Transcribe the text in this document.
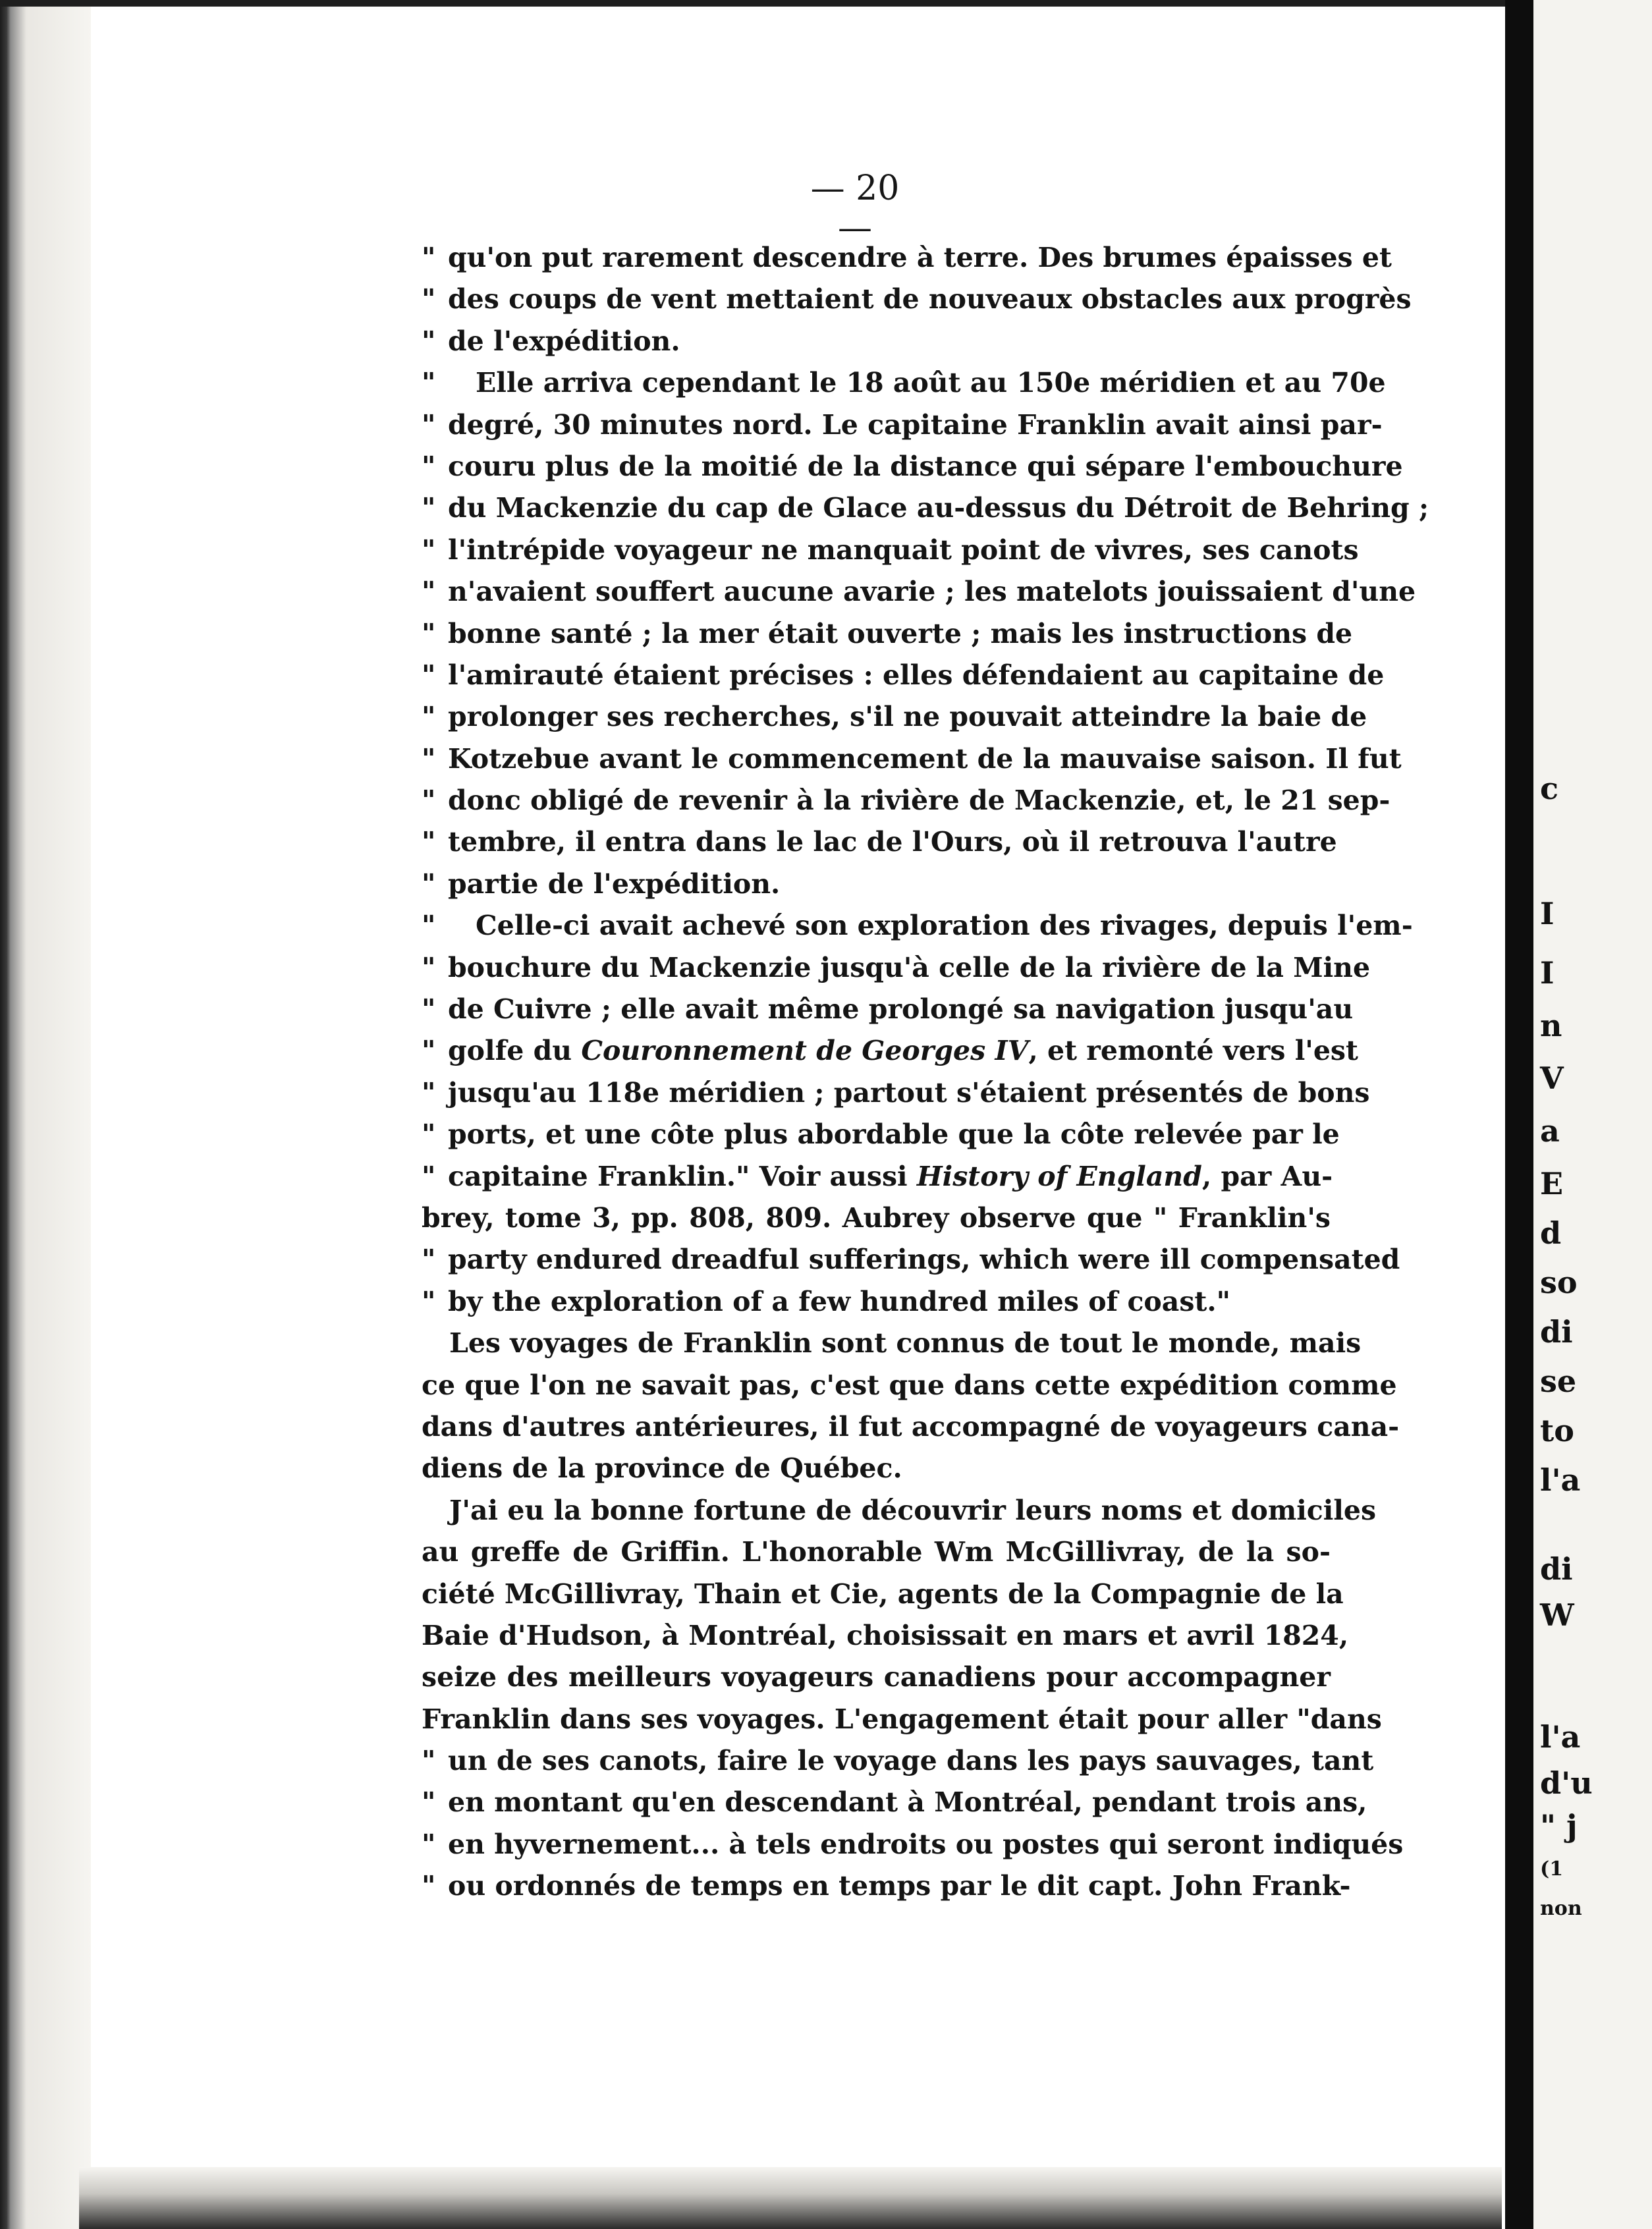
c
I
I
n
V
a
E
d
so
di
se
to
l'a
di
W
l'a
d'u
" j
(1
non
— 20 —
" qu'on put rarement descendre à terre. Des brumes épaisses et
" des coups de vent mettaient de nouveaux obstacles aux progrès
" de l'expédition.
" Elle arriva cependant le 18 août au 150e méridien et au 70e
" degré, 30 minutes nord. Le capitaine Franklin avait ainsi par-
" couru plus de la moitié de la distance qui sépare l'embouchure
" du Mackenzie du cap de Glace au-dessus du Détroit de Behring ;
" l'intrépide voyageur ne manquait point de vivres, ses canots
" n'avaient souffert aucune avarie ; les matelots jouissaient d'une
" bonne santé ; la mer était ouverte ; mais les instructions de
" l'amirauté étaient précises : elles défendaient au capitaine de
" prolonger ses recherches, s'il ne pouvait atteindre la baie de
" Kotzebue avant le commencement de la mauvaise saison. Il fut
" donc obligé de revenir à la rivière de Mackenzie, et, le 21 sep-
" tembre, il entra dans le lac de l'Ours, où il retrouva l'autre
" partie de l'expédition.
" Celle-ci avait achevé son exploration des rivages, depuis l'em-
" bouchure du Mackenzie jusqu'à celle de la rivière de la Mine
" de Cuivre ; elle avait même prolongé sa navigation jusqu'au
" golfe du Couronnement de Georges IV, et remonté vers l'est
" jusqu'au 118e méridien ; partout s'étaient présentés de bons
" ports, et une côte plus abordable que la côte relevée par le
" capitaine Franklin." Voir aussi History of England, par Au-
brey, tome 3, pp. 808, 809. Aubrey observe que " Franklin's
" party endured dreadful sufferings, which were ill compensated
" by the exploration of a few hundred miles of coast."
Les voyages de Franklin sont connus de tout le monde, mais
ce que l'on ne savait pas, c'est que dans cette expédition comme
dans d'autres antérieures, il fut accompagné de voyageurs cana-
diens de la province de Québec.
J'ai eu la bonne fortune de découvrir leurs noms et domiciles
au greffe de Griffin. L'honorable Wm McGillivray, de la so-
ciété McGillivray, Thain et Cie, agents de la Compagnie de la
Baie d'Hudson, à Montréal, choisissait en mars et avril 1824,
seize des meilleurs voyageurs canadiens pour accompagner
Franklin dans ses voyages. L'engagement était pour aller "dans
" un de ses canots, faire le voyage dans les pays sauvages, tant
" en montant qu'en descendant à Montréal, pendant trois ans,
" en hyvernement... à tels endroits ou postes qui seront indiqués
" ou ordonnés de temps en temps par le dit capt. John Frank-
